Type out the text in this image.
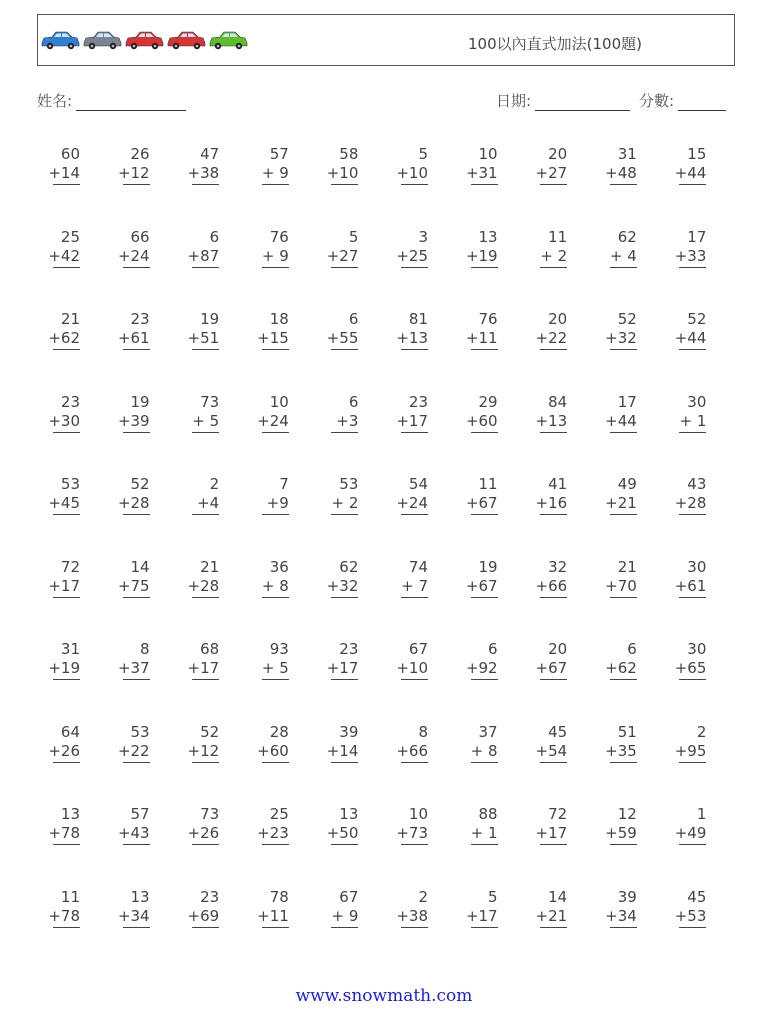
100以內直式加法(100題)
姓名:	日期:	分數:
60
+14
26
+12
47
+38
57
+ 9
58
+10
5
+10
10
+31
20
+27
31
+48
15
+44
25
+42
66
+24
6
+87
76
+ 9
5
+27
3
+25
13
+19
11
+ 2
62
+ 4
17
+33
21
+62
23
+61
19
+51
18
+15
6
+55
81
+13
76
+11
20
+22
52
+32
52
+44
23
+30
19
+39
73
+ 5
10
+24
6
+3
23
+17
29
+60
84
+13
17
+44
30
+ 1
53
+45
52
+28
2
+4
7
+9
53
+ 2
54
+24
11
+67
41
+16
49
+21
43
+28
72
+17
14
+75
21
+28
36
+ 8
62
+32
74
+ 7
19
+67
32
+66
21
+70
30
+61
31
+19
8
+37
68
+17
93
+ 5
23
+17
67
+10
6
+92
20
+67
6
+62
30
+65
64
+26
53
+22
52
+12
28
+60
39
+14
8
+66
37
+ 8
45
+54
51
+35
2
+95
13
+78
57
+43
73
+26
25
+23
13
+50
10
+73
88
+ 1
72
+17
12
+59
1
+49
11
+78
13
+34
23
+69
78
+11
67
+ 9
2
+38
5
+17
14
+21
39
+34
45
+53
www.snowmath.com
